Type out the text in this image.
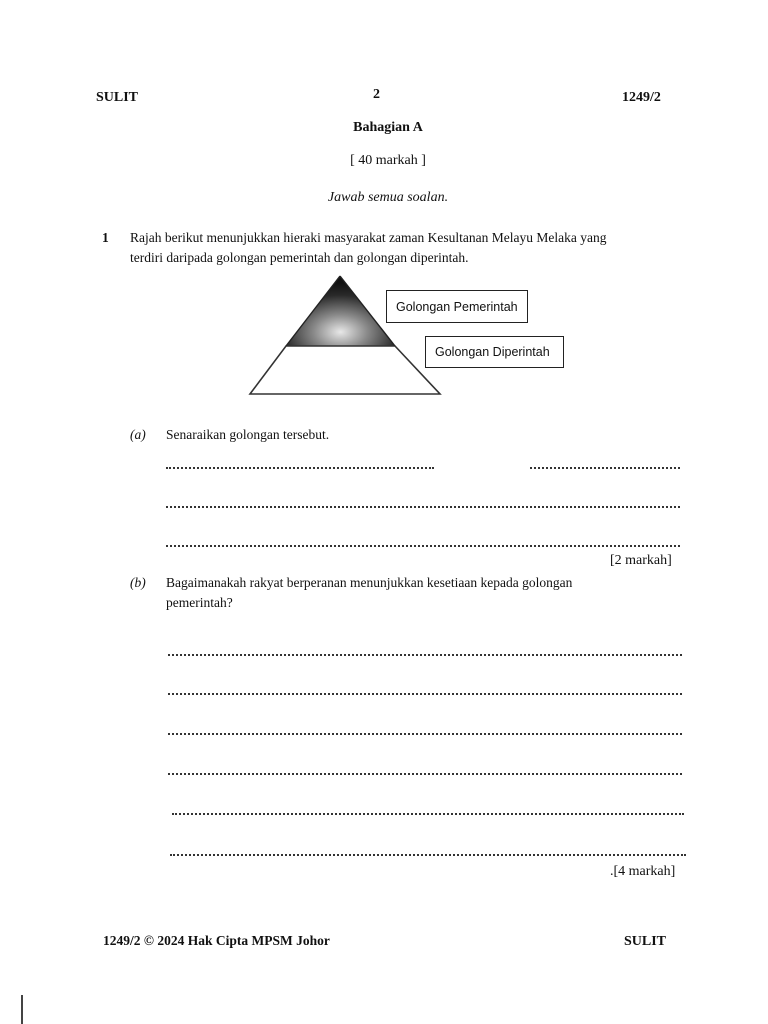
SULIT	2	1249/2
Bahagian A
[ 40 markah ]
Jawab semua soalan.
1 Rajah berikut menunjukkan hieraki masyarakat zaman Kesultanan Melayu Melaka yang
terdiri daripada golongan pemerintah dan golongan diperintah.
Golongan Pemerintah
Golongan Diperintah
(a) Senaraikan golongan tersebut.
[2 markah]
(b) Bagaimanakah rakyat berperanan menunjukkan kesetiaan kepada golongan
pemerintah?
.[4 markah]
1249/2 © 2024 Hak Cipta MPSM Johor	SULIT
